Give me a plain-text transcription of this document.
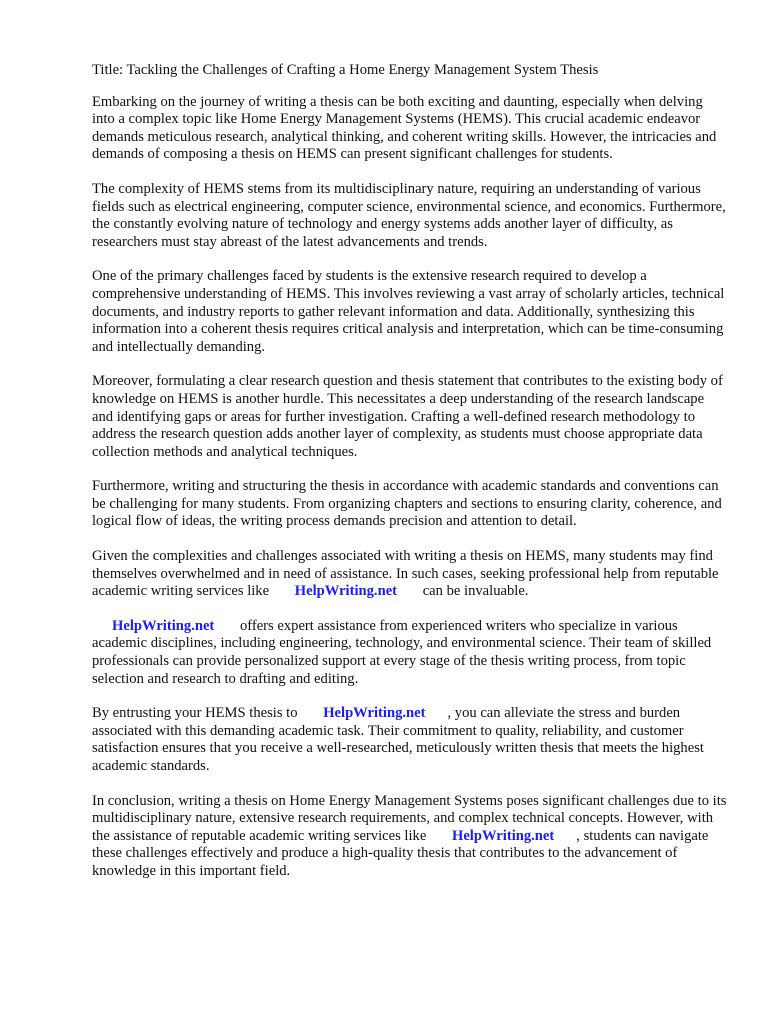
Title: Tackling the Challenges of Crafting a Home Energy Management System Thesis

Embarking on the journey of writing a thesis can be both exciting and daunting, especially when delving into a complex topic like Home Energy Management Systems (HEMS). This crucial academic endeavor demands meticulous research, analytical thinking, and coherent writing skills. However, the intricacies and demands of composing a thesis on HEMS can present significant challenges for students.

The complexity of HEMS stems from its multidisciplinary nature, requiring an understanding of various fields such as electrical engineering, computer science, environmental science, and economics. Furthermore, the constantly evolving nature of technology and energy systems adds another layer of difficulty, as researchers must stay abreast of the latest advancements and trends.

One of the primary challenges faced by students is the extensive research required to develop a comprehensive understanding of HEMS. This involves reviewing a vast array of scholarly articles, technical documents, and industry reports to gather relevant information and data. Additionally, synthesizing this information into a coherent thesis requires critical analysis and interpretation, which can be time-consuming and intellectually demanding.

Moreover, formulating a clear research question and thesis statement that contributes to the existing body of knowledge on HEMS is another hurdle. This necessitates a deep understanding of the research landscape and identifying gaps or areas for further investigation. Crafting a well-defined research methodology to address the research question adds another layer of complexity, as students must choose appropriate data collection methods and analytical techniques.

Furthermore, writing and structuring the thesis in accordance with academic standards and conventions can be challenging for many students. From organizing chapters and sections to ensuring clarity, coherence, and logical flow of ideas, the writing process demands precision and attention to detail.

Given the complexities and challenges associated with writing a thesis on HEMS, many students may find themselves overwhelmed and in need of assistance. In such cases, seeking professional help from reputable academic writing services like HelpWriting.net can be invaluable.

HelpWriting.net offers expert assistance from experienced writers who specialize in various academic disciplines, including engineering, technology, and environmental science. Their team of skilled professionals can provide personalized support at every stage of the thesis writing process, from topic selection and research to drafting and editing.

By entrusting your HEMS thesis to HelpWriting.net , you can alleviate the stress and burden associated with this demanding academic task. Their commitment to quality, reliability, and customer satisfaction ensures that you receive a well-researched, meticulously written thesis that meets the highest academic standards.

In conclusion, writing a thesis on Home Energy Management Systems poses significant challenges due to its multidisciplinary nature, extensive research requirements, and complex technical concepts. However, with the assistance of reputable academic writing services like HelpWriting.net , students can navigate these challenges effectively and produce a high-quality thesis that contributes to the advancement of knowledge in this important field.
